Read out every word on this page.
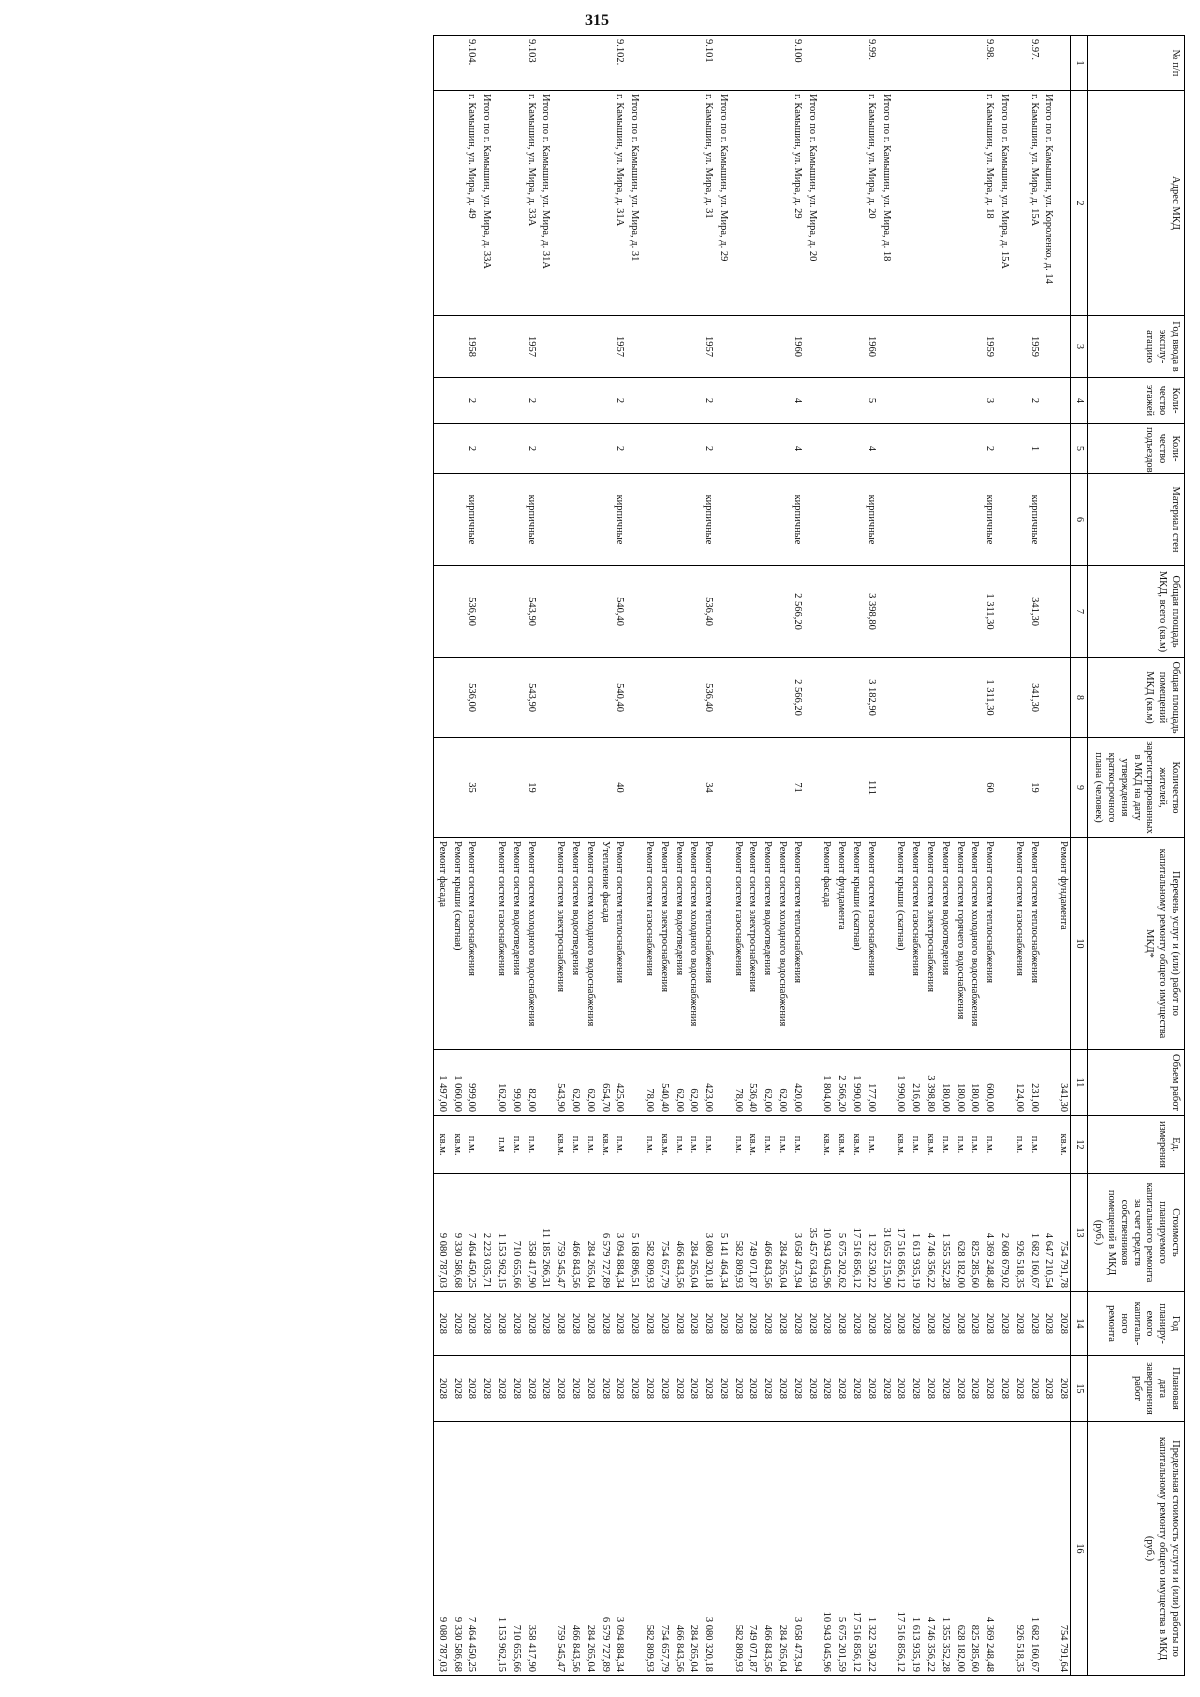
315
№ п/п	Адрес МКД	Год ввода в эксплуатацию	Количество этажей	Количество подъездов	Материал стен	Общая площадь МКД, всего (кв.м)	Общая площадь помещений МКД (кв.м)	Количество жителей, зарегистрированных в МКД на дату утверждения краткосрочного плана (человек)	Перечень услуг и (или) работ по капитальному ремонту общего имущества МКД*	Объем работ	Ед. измерения	Стоимость планируемого капитального ремонта за счет средств собственников помещений в МКД (руб.)	Год планируемого капитального ремонта	Плановая дата завершения работ	Предельная стоимость услуги и (или) работы по капитальному ремонту общего имущества в МКД (руб.)
1	2	3	4	5	6	7	8	9	10	11	12	13	14	15	16
									Ремонт фундамента	341,30	кв.м.	754 791,78	2028	2028	754 791,64
	Итого по г. Камышин, ул. Короленко, д. 14											4 647 210,54	2028	2028	
9.97.	г. Камышин, ул. Мира, д. 15А	1959	2	1	кирпичные	341,30	341,30	19	Ремонт систем теплоснабжения	231,00	п.м.	1 682 160,67	2028	2028	1 682 160,67
									Ремонт систем газоснабжения	124,00	п.м.	926 518,35	2028	2028	926 518,35
	Итого по г. Камышин, ул. Мира, д. 15А											2 608 679,02	2028	2028	
9.98.	г. Камышин, ул. Мира, д. 18	1959	3	2	кирпичные	1 311,30	1 311,30	60	Ремонт систем теплоснабжения	600,00	п.м.	4 369 248,48	2028	2028	4 369 248,48
									Ремонт систем холодного водоснабжения	180,00	п.м.	825 285,60	2028	2028	825 285,60
									Ремонт систем горячего водоснабжения	180,00	п.м.	628 182,00	2028	2028	628 182,00
									Ремонт систем водоотведения	180,00	п.м.	1 355 352,28	2028	2028	1 355 352,28
									Ремонт систем электроснабжения	3 398,80	кв.м.	4 746 356,22	2028	2028	4 746 356,22
									Ремонт систем газоснабжения	216,00	п.м.	1 613 935,19	2028	2028	1 613 935,19
									Ремонт крыши (скатная)	1 990,00	кв.м.	17 516 856,12	2028	2028	17 516 856,12
	Итого по г. Камышин, ул. Мира, д. 18											31 055 215,90	2028	2028	
9.99.	г. Камышин, ул. Мира, д. 20	1960	5	4	кирпичные	3 398,80	3 182,90	111	Ремонт систем газоснабжения	177,00	п.м.	1 322 530,22	2028	2028	1 322 530,22
									Ремонт крыши (скатная)	1 990,00	кв.м.	17 516 856,12	2028	2028	17 516 856,12
									Ремонт фундамента	2 566,20	кв.м.	5 675 202,62	2028	2028	5 675 201,59
									Ремонт фасада	1 804,00	кв.м.	10 943 045,96	2028	2028	10 943 045,96
	Итого по г. Камышин, ул. Мира, д. 20											35 457 634,93	2028	2028	
9.100	г. Камышин, ул. Мира, д. 29	1960	4	4	кирпичные	2 566,20	2 566,20	71	Ремонт систем теплоснабжения	420,00	п.м.	3 058 473,94	2028	2028	3 058 473,94
									Ремонт систем холодного водоснабжения	62,00	п.м.	284 265,04	2028	2028	284 265,04
									Ремонт систем водоотведения	62,00	п.м.	466 843,56	2028	2028	466 843,56
									Ремонт систем электроснабжения	536,40	кв.м.	749 071,87	2028	2028	749 071,87
									Ремонт систем газоснабжения	78,00	п.м.	582 809,93	2028	2028	582 809,93
	Итого по г. Камышин, ул. Мира, д. 29											5 141 464,34	2028	2028	
9.101	г. Камышин, ул. Мира, д. 31	1957	2	2	кирпичные	536,40	536,40	34	Ремонт систем теплоснабжения	423,00	п.м.	3 080 320,18	2028	2028	3 080 320,18
									Ремонт систем холодного водоснабжения	62,00	п.м.	284 265,04	2028	2028	284 265,04
									Ремонт систем водоотведения	62,00	п.м.	466 843,56	2028	2028	466 843,56
									Ремонт систем электроснабжения	540,40	кв.м.	754 657,79	2028	2028	754 657,79
									Ремонт систем газоснабжения	78,00	п.м.	582 809,93	2028	2028	582 809,93
	Итого по г. Камышин, ул. Мира, д. 31											5 168 896,51	2028	2028	
9.102.	г. Камышин, ул. Мира, д. 31А	1957	2	2	кирпичные	540,40	540,40	40	Ремонт систем теплоснабжения	425,00	п.м.	3 094 884,34	2028	2028	3 094 884,34
									Утепление фасада	654,70	кв.м.	6 579 727,89	2028	2028	6 579 727,89
									Ремонт систем холодного водоснабжения	62,00	п.м.	284 265,04	2028	2028	284 265,04
									Ремонт систем водоотведения	62,00	п.м.	466 843,56	2028	2028	466 843,56
									Ремонт систем электроснабжения	543,90	кв.м.	759 545,47	2028	2028	759 545,47
	Итого по г. Камышин, ул. Мира, д. 31А											11 185 266,31	2028	2028	
9.103	г. Камышин, ул. Мира, д. 33А	1957	2	2	кирпичные	543,90	543,90	19	Ремонт систем холодного водоснабжения	82,00	п.м.	358 417,90	2028	2028	358 417,90
									Ремонт систем водоотведения	99,00	п.м.	710 655,66	2028	2028	710 655,66
									Ремонт систем газоснабжения	162,00	п.м	1 153 962,15	2028	2028	1 153 962,15
	Итого по г. Камышин, ул. Мира, д. 33А											2 223 035,71	2028	2028	
9.104.	г. Камышин, ул. Мира, д. 49	1958	2	2	кирпичные	536,00	536,00	35	Ремонт систем газоснабжения	999,00	п.м.	7 464 450,25	2028	2028	7 464 450,25
									Ремонт крыши (скатная)	1 060,00	кв.м.	9 330 586,68	2028	2028	9 330 586,68
									Ремонт фасада	1 497,00	кв.м.	9 080 787,03	2028	2028	9 080 787,03
